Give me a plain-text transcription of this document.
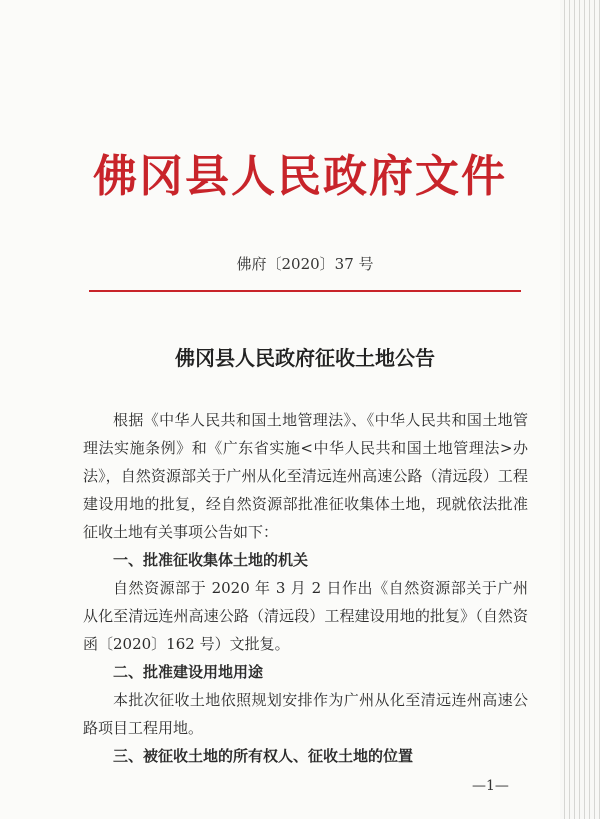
佛冈县人民政府文件
佛府〔2020〕37 号
佛冈县人民政府征收土地公告

根据《中华人民共和国土地管理法》、《中华人民共和国土地管理法实施条例》和《广东省实施<中华人民共和国土地管理法>办法》，自然资源部关于广州从化至清远连州高速公路（清远段）工程建设用地的批复，经自然资源部批准征收集体土地，现就依法批准征收土地有关事项公告如下：

一、批准征收集体土地的机关

自然资源部于 2020 年 3 月 2 日作出《自然资源部关于广州从化至清远连州高速公路（清远段）工程建设用地的批复》（自然资函〔2020〕162 号）文批复。

二、批准建设用地用途

本批次征收土地依照规划安排作为广州从化至清远连州高速公路项目工程用地。

三、被征收土地的所有权人、征收土地的位置
—1—
